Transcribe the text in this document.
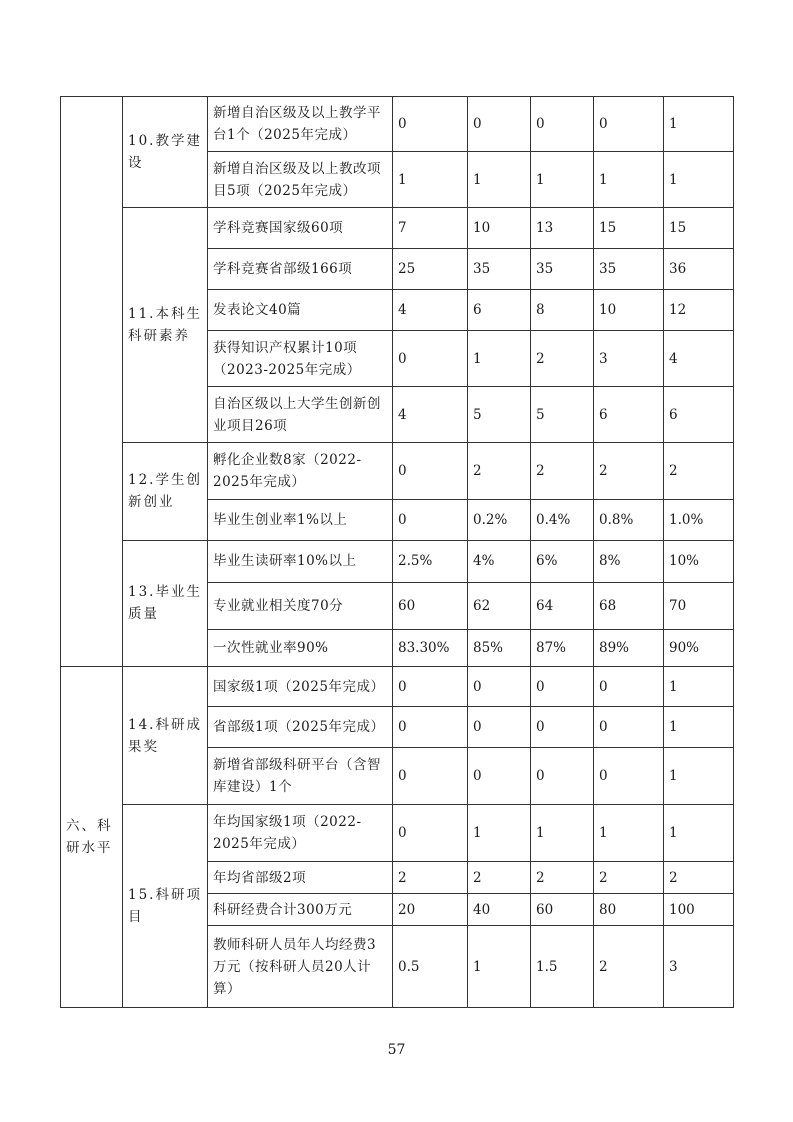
	10.教学建设	新增自治区级及以上教学平台1个（2025年完成）	0	0	0	0	1	
		新增自治区级及以上教改项目5项（2025年完成）	1	1	1	1	1	
	11.本科生科研素养	学科竞赛国家级60项	7	10	13	15	15	
		学科竞赛省部级166项	25	35	35	35	36	
		发表论文40篇	4	6	8	10	12	
		获得知识产权累计10项（2023-2025年完成）	0	1	2	3	4	
		自治区级以上大学生创新创业项目26项	4	5	5	6	6	
	12.学生创新创业	孵化企业数8家（2022-2025年完成）	0	2	2	2	2	
		毕业生创业率1%以上	0	0.2%	0.4%	0.8%	1.0%	
	13.毕业生质量	毕业生读研率10%以上	2.5%	4%	6%	8%	10%	
		专业就业相关度70分	60	62	64	68	70	
		一次性就业率90%	83.30%	85%	87%	89%	90%	
六、科研水平	14.科研成果奖	国家级1项（2025年完成）	0	0	0	0	1	
		省部级1项（2025年完成）	0	0	0	0	1	
		新增省部级科研平台（含智库建设）1个	0	0	0	0	1	
	15.科研项目	年均国家级1项（2022-2025年完成）	0	1	1	1	1	
		年均省部级2项	2	2	2	2	2	
		科研经费合计300万元	20	40	60	80	100	
		教师科研人员年人均经费3万元（按科研人员20人计算）	0.5	1	1.5	2	3	
57
